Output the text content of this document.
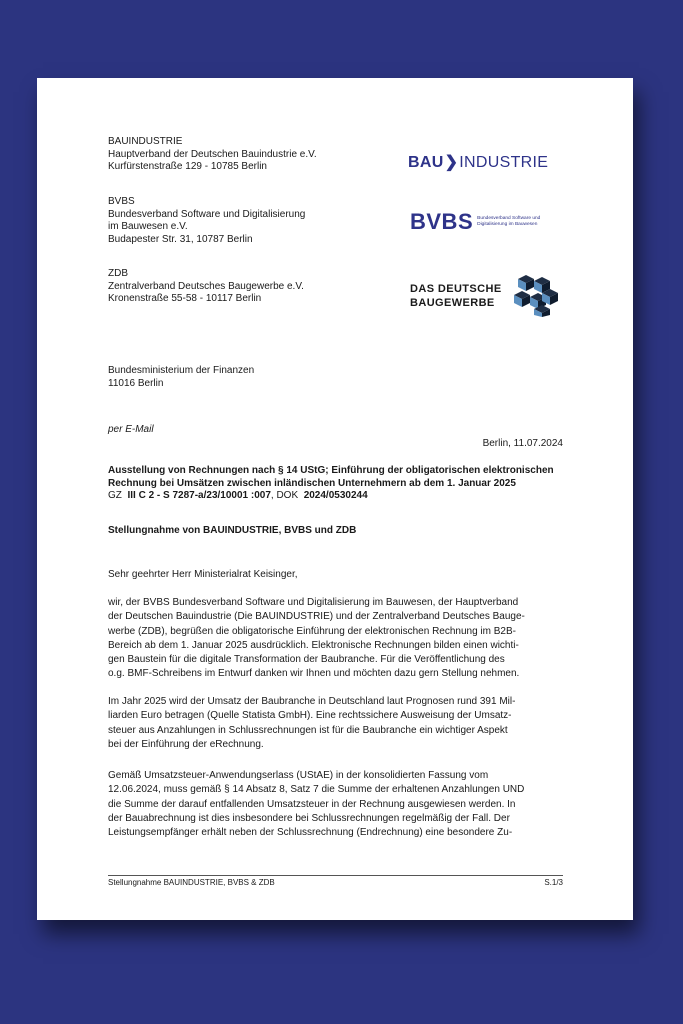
BAUINDUSTRIE
Hauptverband der Deutschen Bauindustrie e.V.
Kurfürstenstraße 129 - 10785 Berlin
BVBS
Bundesverband Software und Digitalisierung
im Bauwesen e.V.
Budapester Str. 31, 10787 Berlin
ZDB
Zentralverband Deutsches Baugewerbe e.V.
Kronenstraße 55-58 - 10117 Berlin
BAU❯INDUSTRIE
BVBS Bundesverband Software und
Digitalisierung im Bauwesen
DAS DEUTSCHE
BAUGEWERBE
Bundesministerium der Finanzen
11016 Berlin
per E-Mail
Berlin, 11.07.2024
Ausstellung von Rechnungen nach § 14 UStG; Einführung der obligatorischen elektronischen
Rechnung bei Umsätzen zwischen inländischen Unternehmern ab dem 1. Januar 2025
GZ III C 2 - S 7287-a/23/10001 :007, DOK 2024/0530244
Stellungnahme von BAUINDUSTRIE, BVBS und ZDB
Sehr geehrter Herr Ministerialrat Keisinger,
wir, der BVBS Bundesverband Software und Digitalisierung im Bauwesen, der Hauptverband
der Deutschen Bauindustrie (Die BAUINDUSTRIE) und der Zentralverband Deutsches Bauge-
werbe (ZDB), begrüßen die obligatorische Einführung der elektronischen Rechnung im B2B-
Bereich ab dem 1. Januar 2025 ausdrücklich. Elektronische Rechnungen bilden einen wichti-
gen Baustein für die digitale Transformation der Baubranche. Für die Veröffentlichung des
o.g. BMF-Schreibens im Entwurf danken wir Ihnen und möchten dazu gern Stellung nehmen.
Im Jahr 2025 wird der Umsatz der Baubranche in Deutschland laut Prognosen rund 391 Mil-
liarden Euro betragen (Quelle Statista GmbH). Eine rechtssichere Ausweisung der Umsatz-
steuer aus Anzahlungen in Schlussrechnungen ist für die Baubranche ein wichtiger Aspekt
bei der Einführung der eRechnung.
Gemäß Umsatzsteuer-Anwendungserlass (UStAE) in der konsolidierten Fassung vom
12.06.2024, muss gemäß § 14 Absatz 8, Satz 7 die Summe der erhaltenen Anzahlungen UND
die Summe der darauf entfallenden Umsatzsteuer in der Rechnung ausgewiesen werden. In
der Bauabrechnung ist dies insbesondere bei Schlussrechnungen regelmäßig der Fall. Der
Leistungsempfänger erhält neben der Schlussrechnung (Endrechnung) eine besondere Zu-
Stellungnahme BAUINDUSTRIE, BVBS & ZDB	S.1/3
